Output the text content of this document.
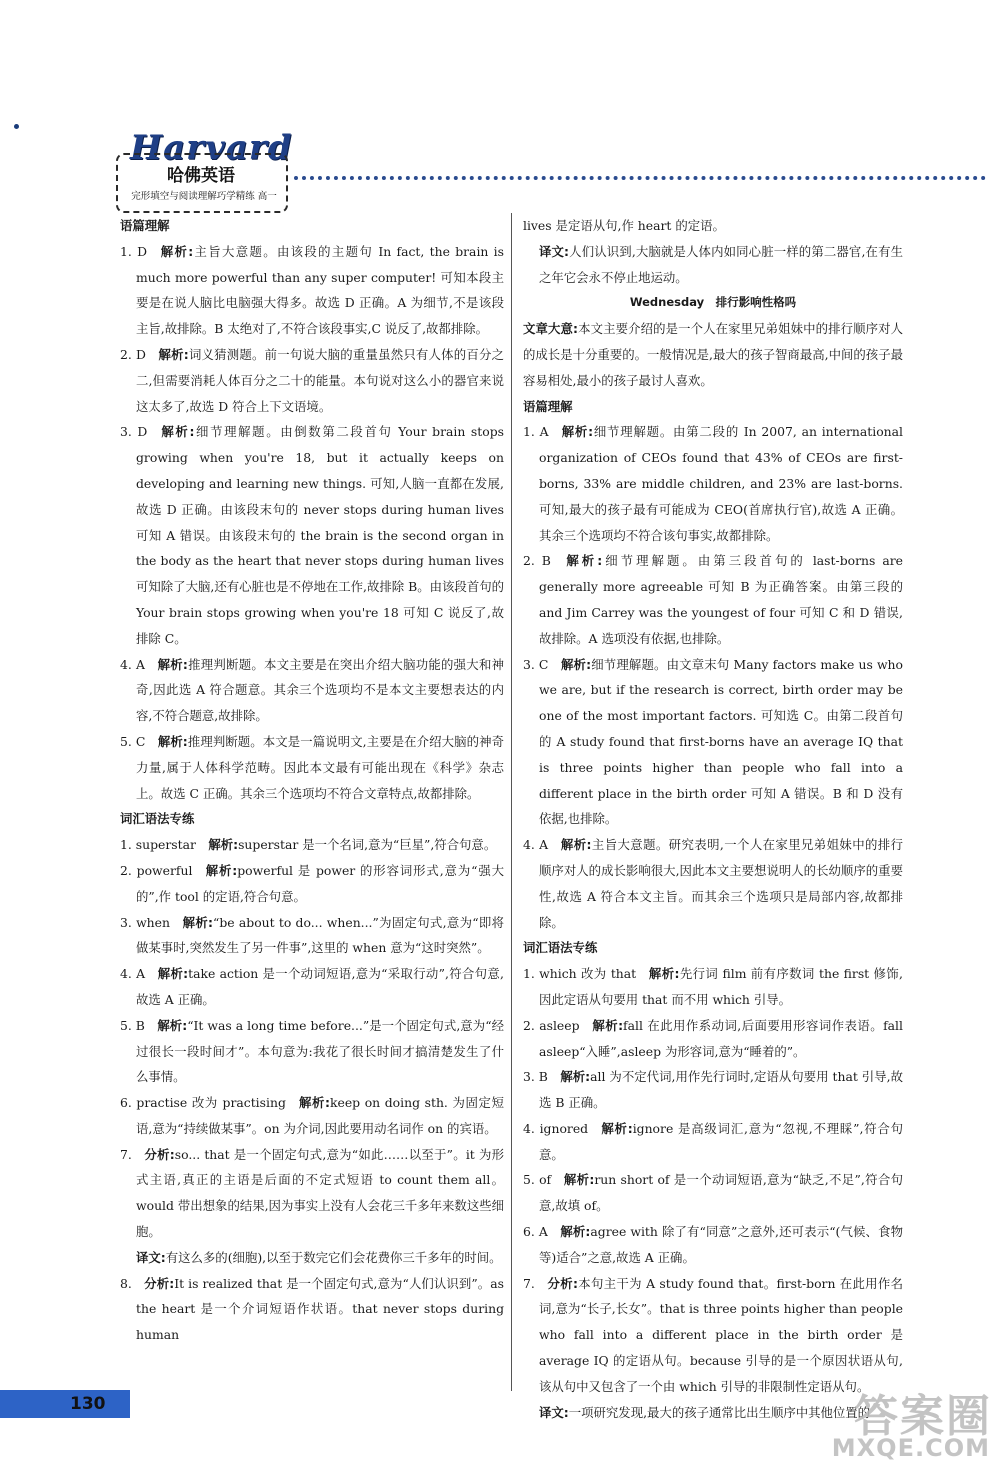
Harvard
哈佛英语
完形填空与阅读理解巧学精练 高一
语篇理解
1. D  解析:主旨大意题。由该段的主题句 In fact, the brain is much more powerful than any super computer! 可知本段主要是在说人脑比电脑强大得多。故选 D 正确。A 为细节,不是该段主旨,故排除。B 太绝对了,不符合该段事实,C 说反了,故都排除。
2. D  解析:词义猜测题。前一句说大脑的重量虽然只有人体的百分之二,但需要消耗人体百分之二十的能量。本句说对这么小的器官来说这太多了,故选 D 符合上下文语境。
3. D  解析:细节理解题。由倒数第二段首句 Your brain stops growing when you're 18, but it actually keeps on developing and learning new things. 可知,人脑一直都在发展,故选 D 正确。由该段末句的 never stops during human lives 可知 A 错误。由该段末句的 the brain is the second organ in the body as the heart that never stops during human lives 可知除了大脑,还有心脏也是不停地在工作,故排除 B。由该段首句的 Your brain stops growing when you're 18 可知 C 说反了,故排除 C。
4. A  解析:推理判断题。本文主要是在突出介绍大脑功能的强大和神奇,因此选 A 符合题意。其余三个选项均不是本文主要想表达的内容,不符合题意,故排除。
5. C  解析:推理判断题。本文是一篇说明文,主要是在介绍大脑的神奇力量,属于人体科学范畴。因此本文最有可能出现在《科学》杂志上。故选 C 正确。其余三个选项均不符合文章特点,故都排除。
词汇语法专练
1. superstar  解析:superstar 是一个名词,意为“巨星”,符合句意。
2. powerful  解析:powerful 是 power 的形容词形式,意为“强大的”,作 tool 的定语,符合句意。
3. when  解析:“be about to do... when...”为固定句式,意为“即将做某事时,突然发生了另一件事”,这里的 when 意为“这时突然”。
4. A  解析:take action 是一个动词短语,意为“采取行动”,符合句意,故选 A 正确。
5. B  解析:“It was a long time before...”是一个固定句式,意为“经过很长一段时间才”。本句意为:我花了很长时间才搞清楚发生了什么事情。
6. practise 改为 practising  解析:keep on doing sth. 为固定短语,意为“持续做某事”。on 为介词,因此要用动名词作 on 的宾语。
7.  分析:so... that 是一个固定句式,意为“如此……以至于”。it 为形式主语,真正的主语是后面的不定式短语 to count them all。would 带出想象的结果,因为事实上没有人会花三千多年来数这些细胞。
译文:有这么多的(细胞),以至于数完它们会花费你三千多年的时间。
8.  分析:It is realized that 是一个固定句式,意为“人们认识到”。as the heart 是一个介词短语作状语。that never stops during human
lives 是定语从句,作 heart 的定语。
译文:人们认识到,大脑就是人体内如同心脏一样的第二器官,在有生之年它会永不停止地运动。
Wednesday　排行影响性格吗
文章大意:本文主要介绍的是一个人在家里兄弟姐妹中的排行顺序对人的成长是十分重要的。一般情况是,最大的孩子智商最高,中间的孩子最容易相处,最小的孩子最讨人喜欢。
语篇理解
1. A  解析:细节理解题。由第二段的 In 2007, an international organization of CEOs found that 43% of CEOs are first-borns, 33% are middle children, and 23% are last-borns. 可知,最大的孩子最有可能成为 CEO(首席执行官),故选 A 正确。其余三个选项均不符合该句事实,故都排除。
2. B  解析:细节理解题。由第三段首句的 last-borns are generally more agreeable 可知 B 为正确答案。由第三段的 and Jim Carrey was the youngest of four 可知 C 和 D 错误,故排除。A 选项没有依据,也排除。
3. C  解析:细节理解题。由文章末句 Many factors make us who we are, but if the research is correct, birth order may be one of the most important factors. 可知选 C。由第二段首句的 A study found that first-borns have an average IQ that is three points higher than people who fall into a different place in the birth order 可知 A 错误。B 和 D 没有依据,也排除。
4. A  解析:主旨大意题。研究表明,一个人在家里兄弟姐妹中的排行顺序对人的成长影响很大,因此本文主要想说明人的长幼顺序的重要性,故选 A 符合本文主旨。而其余三个选项只是局部内容,故都排除。
词汇语法专练
1. which 改为 that  解析:先行词 film 前有序数词 the first 修饰,因此定语从句要用 that 而不用 which 引导。
2. asleep  解析:fall 在此用作系动词,后面要用形容词作表语。fall asleep“入睡”,asleep 为形容词,意为“睡着的”。
3. B  解析:all 为不定代词,用作先行词时,定语从句要用 that 引导,故选 B 正确。
4. ignored  解析:ignore 是高级词汇,意为“忽视,不理睬”,符合句意。
5. of  解析:run short of 是一个动词短语,意为“缺乏,不足”,符合句意,故填 of。
6. A  解析:agree with 除了有“同意”之意外,还可表示“(气候、食物等)适合”之意,故选 A 正确。
7.  分析:本句主干为 A study found that。first-born 在此用作名词,意为“长子,长女”。that is three points higher than people who fall into a different place in the birth order 是 average IQ 的定语从句。because 引导的是一个原因状语从句,该从句中又包含了一个由 which 引导的非限制性定语从句。
译文:一项研究发现,最大的孩子通常比出生顺序中其他位置的
130	答案圈
MXQE.COM
